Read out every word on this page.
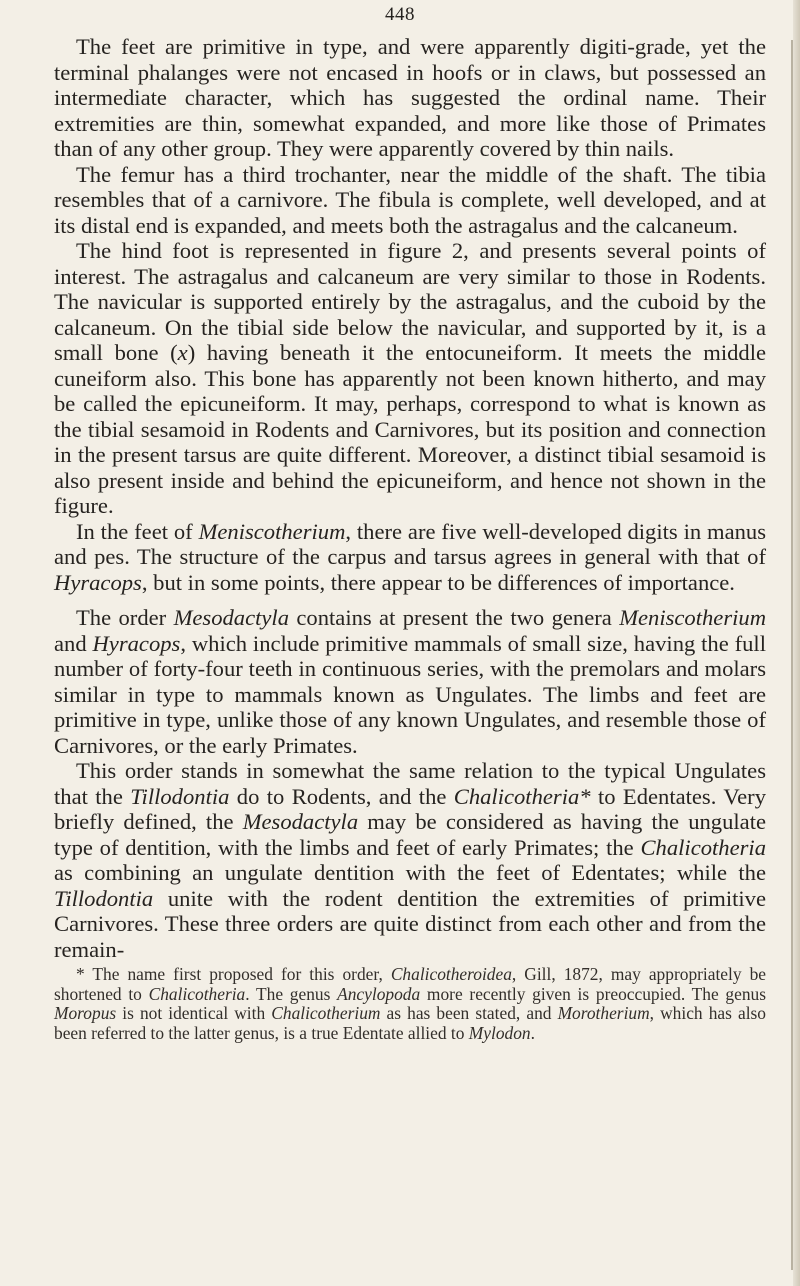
448

The feet are primitive in type, and were apparently digiti-grade, yet the terminal phalanges were not encased in hoofs or in claws, but possessed an intermediate character, which has suggested the ordinal name. Their extremities are thin, somewhat expanded, and more like those of Primates than of any other group. They were apparently covered by thin nails.

The femur has a third trochanter, near the middle of the shaft. The tibia resembles that of a carnivore. The fibula is complete, well developed, and at its distal end is expanded, and meets both the astragalus and the calcaneum.

The hind foot is represented in figure 2, and presents several points of interest. The astragalus and calcaneum are very similar to those in Rodents. The navicular is supported entirely by the astragalus, and the cuboid by the calcaneum. On the tibial side below the navicular, and supported by it, is a small bone (x) having beneath it the entocuneiform. It meets the middle cuneiform also. This bone has apparently not been known hitherto, and may be called the epicuneiform. It may, perhaps, correspond to what is known as the tibial sesamoid in Rodents and Carnivores, but its position and connection in the present tarsus are quite different. Moreover, a distinct tibial sesamoid is also present inside and behind the epicuneiform, and hence not shown in the figure.

In the feet of Meniscotherium, there are five well-developed digits in manus and pes. The structure of the carpus and tarsus agrees in general with that of Hyracops, but in some points, there appear to be differences of importance.

The order Mesodactyla contains at present the two genera Meniscotherium and Hyracops, which include primitive mammals of small size, having the full number of forty-four teeth in continuous series, with the premolars and molars similar in type to mammals known as Ungulates. The limbs and feet are primitive in type, unlike those of any known Ungulates, and resemble those of Carnivores, or the early Primates.

This order stands in somewhat the same relation to the typical Ungulates that the Tillodontia do to Rodents, and the Chalicotheria* to Edentates. Very briefly defined, the Mesodactyla may be considered as having the ungulate type of dentition, with the limbs and feet of early Primates; the Chalicotheria as combining an ungulate dentition with the feet of Edentates; while the Tillodontia unite with the rodent dentition the extremities of primitive Carnivores. These three orders are quite distinct from each other and from the remain-

* The name first proposed for this order, Chalicotheroidea, Gill, 1872, may appropriately be shortened to Chalicotheria. The genus Ancylopoda more recently given is preoccupied. The genus Moropus is not identical with Chalicotherium as has been stated, and Morotherium, which has also been referred to the latter genus, is a true Edentate allied to Mylodon.
